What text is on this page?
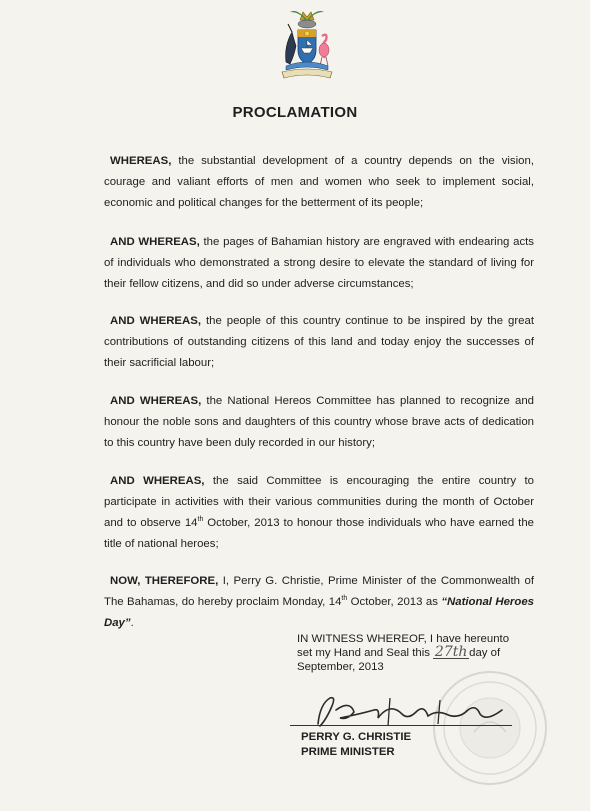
PROCLAMATION
WHEREAS, the substantial development of a country depends on the vision, courage and valiant efforts of men and women who seek to implement social, economic and political changes for the betterment of its people;
AND WHEREAS, the pages of Bahamian history are engraved with endearing acts of individuals who demonstrated a strong desire to elevate the standard of living for their fellow citizens, and did so under adverse circumstances;
AND WHEREAS, the people of this country continue to be inspired by the great contributions of outstanding citizens of this land and today enjoy the successes of their sacrificial labour;
AND WHEREAS, the National Hereos Committee has planned to recognize and honour the noble sons and daughters of this country whose brave acts of dedication to this country have been duly recorded in our history;
AND WHEREAS, the said Committee is encouraging the entire country to participate in activities with their various communities during the month of October and to observe 14th October, 2013 to honour those individuals who have earned the title of national heroes;
NOW, THEREFORE, I, Perry G. Christie, Prime Minister of the Commonwealth of The Bahamas, do hereby proclaim Monday, 14th October, 2013 as “National Heroes Day”.
IN WITNESS WHEREOF, I have hereunto
set my Hand and Seal this 27th day of
September, 2013
PERRY G. CHRISTIE
PRIME MINISTER
